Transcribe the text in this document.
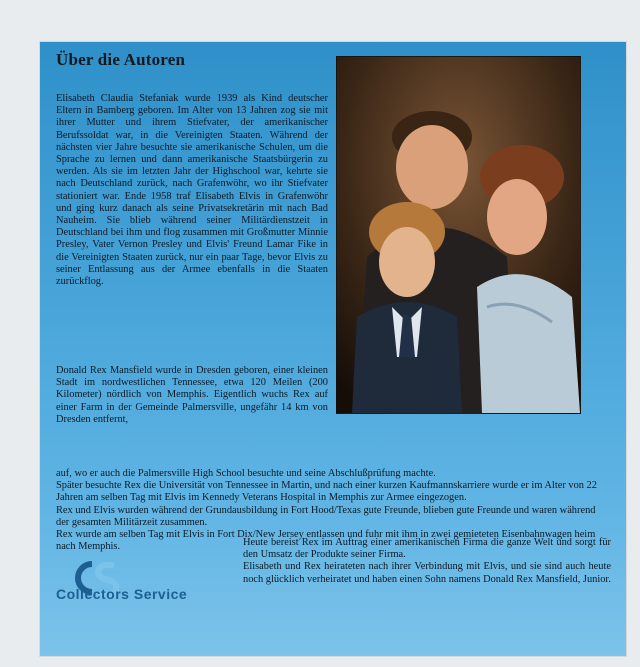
Über die Autoren
Elisabeth Claudia Stefaniak wurde 1939 als Kind deutscher Eltern in Bamberg geboren. Im Alter von 13 Jahren zog sie mit ihrer Mutter und ihrem Stiefvater, der amerikanischer Berufssoldat war, in die Vereinigten Staaten. Während der nächsten vier Jahre besuchte sie amerikanische Schulen, um die Sprache zu lernen und dann amerikanische Staatsbürgerin zu werden. Als sie im letzten Jahr der Highschool war, kehrte sie nach Deutschland zurück, nach Grafenwöhr, wo ihr Stiefvater stationiert war. Ende 1958 traf Elisabeth Elvis in Grafenwöhr und ging kurz danach als seine Privatsekretärin mit nach Bad Nauheim. Sie blieb während seiner Militärdienstzeit in Deutschland bei ihm und flog zusammen mit Großmutter Minnie Presley, Vater Vernon Presley und Elvis' Freund Lamar Fike in die Vereinigten Staaten zurück, nur ein paar Tage, bevor Elvis zu seiner Entlassung aus der Armee ebenfalls in die Staaten zurückflog.
Donald Rex Mansfield wurde in Dresden geboren, einer kleinen Stadt im nordwestlichen Tennessee, etwa 120 Meilen (200 Kilometer) nördlich von Memphis. Eigentlich wuchs Rex auf einer Farm in der Gemeinde Palmersville, ungefähr 14 km von Dresden entfernt,
auf, wo er auch die Palmersville High School besuchte und seine Abschlußprüfung machte.
Später besuchte Rex die Universität von Tennessee in Martin, und nach einer kurzen Kaufmannskarriere wurde er im Alter von 22 Jahren am selben Tag mit Elvis im Kennedy Veterans Hospital in Memphis zur Armee eingezogen.
Rex und Elvis wurden während der Grundausbildung in Fort Hood/Texas gute Freunde, blieben gute Freunde und waren während der gesamten Militärzeit zusammen.
Rex wurde am selben Tag mit Elvis in Fort Dix/New Jersey entlassen und fuhr mit ihm in zwei gemieteten Eisenbahnwagen heim nach Memphis.	Heute bereist Rex im Auftrag einer amerikanischen Firma die ganze Welt und sorgt für den Umsatz der Produkte seiner Firma.
Elisabeth und Rex heirateten nach ihrer Verbindung mit Elvis, und sie sind auch heute noch glücklich verheiratet und haben einen Sohn namens Donald Rex Mansfield, Junior.
Collectors Service
